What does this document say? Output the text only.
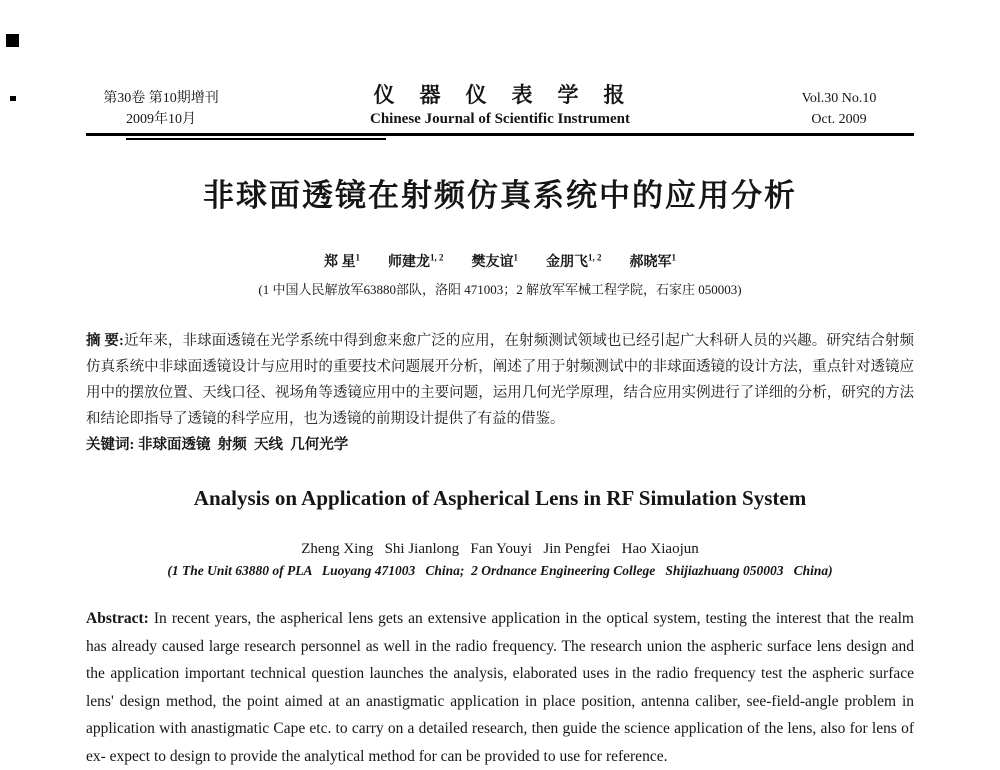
第30卷 第10期增刊
2009年10月
仪　器　仪　表　学　报
Chinese Journal of Scientific Instrument
Vol.30 No.10
Oct. 2009
非球面透镜在射频仿真系统中的应用分析
郑 星$^1$ 师建龙$^{1, 2}$ 樊友谊$^1$ 金朋飞$^{1, 2}$ 郝晓军$^1$
(1 中国人民解放军63880部队，洛阳 471003；2 解放军军械工程学院，石家庄 050003)

摘 要:近年来，非球面透镜在光学系统中得到愈来愈广泛的应用，在射频测试领域也已经引起广大科研人员的兴趣。研究结合射频仿真系统中非球面透镜设计与应用时的重要技术问题展开分析，阐述了用于射频测试中的非球面透镜的设计方法，重点针对透镜应用中的摆放位置、天线口径、视场角等透镜应用中的主要问题，运用几何光学原理，结合应用实例进行了详细的分析，研究的方法和结论即指导了透镜的科学应用，也为透镜的前期设计提供了有益的借鉴。

关键词: 非球面透镜  射频  天线  几何光学

Analysis on Application of Aspherical Lens in RF Simulation System
Zheng Xing   Shi Jianlong   Fan Youyi   Jin Pengfei   Hao Xiaojun
(1 The Unit 63880 of PLA   Luoyang 471003   China;  2 Ordnance Engineering College   Shijiazhuang 050003   China)

Abstract: In recent years, the aspherical lens gets an extensive application in the optical system, testing the interest that the realm has already caused large research personnel as well in the radio frequency. The research union the aspheric surface lens design and the application important technical question launches the analysis, elaborated uses in the radio frequency test the aspheric surface lens' design method, the point aimed at an anastigmatic application in place position, antenna caliber, see-field-angle problem in application with anastigmatic Cape etc. to carry on a detailed research, then guide the science application of the lens, also for lens of ex- expect to design to provide the analytical method for can be provided to use for reference.
